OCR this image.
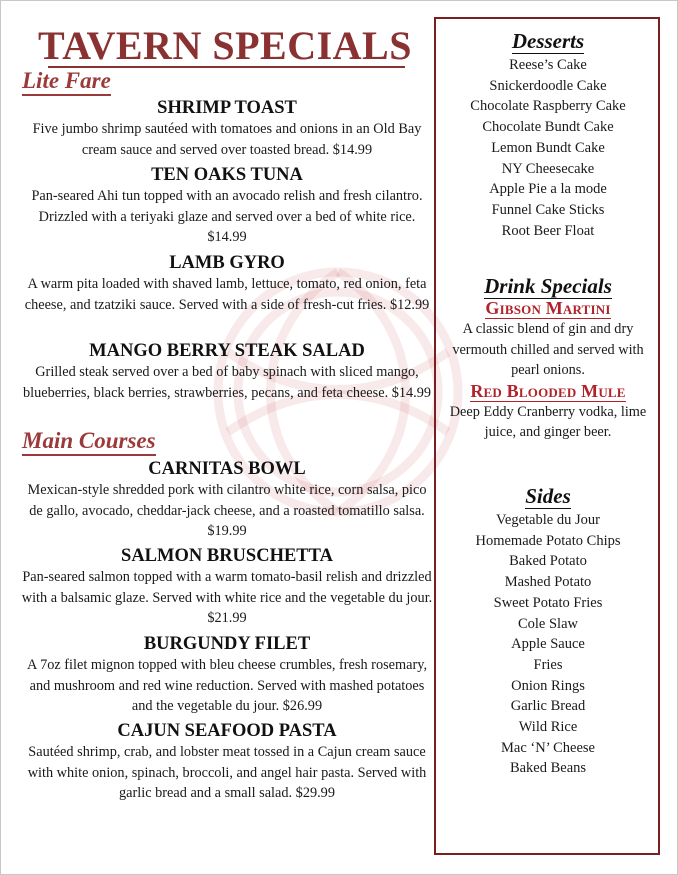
TAVERN SPECIALS
Lite Fare
SHRIMP TOAST

Five jumbo shrimp sautéed with tomatoes and onions in an Old Bay cream sauce and served over toasted bread. $14.99

TEN OAKS TUNA

Pan-seared Ahi tun topped with an avocado relish and fresh cilantro. Drizzled with a teriyaki glaze and served over a bed of white rice. $14.99

LAMB GYRO

A warm pita loaded with shaved lamb, lettuce, tomato, red onion, feta cheese, and tzatziki sauce. Served with a side of fresh-cut fries. $12.99

MANGO BERRY STEAK SALAD

Grilled steak served over a bed of baby spinach with sliced mango, blueberries, black berries, strawberries, pecans, and feta cheese. $14.99

Main Courses
CARNITAS BOWL

Mexican-style shredded pork with cilantro white rice, corn salsa, pico de gallo, avocado, cheddar-jack cheese, and a roasted tomatillo salsa. $19.99

SALMON BRUSCHETTA

Pan-seared salmon topped with a warm tomato-basil relish and drizzled with a balsamic glaze. Served with white rice and the vegetable du jour. $21.99

BURGUNDY FILET

A 7oz filet mignon topped with bleu cheese crumbles, fresh rosemary, and mushroom and red wine reduction. Served with mashed potatoes and the vegetable du jour. $26.99

CAJUN SEAFOOD PASTA

Sautéed shrimp, crab, and lobster meat tossed in a Cajun cream sauce with white onion, spinach, broccoli, and angel hair pasta. Served with garlic bread and a small salad. $29.99

Desserts
Reese’s Cake
Snickerdoodle Cake
Chocolate Raspberry Cake
Chocolate Bundt Cake
Lemon Bundt Cake
NY Cheesecake
Apple Pie a la mode
Funnel Cake Sticks
Root Beer Float
Drink Specials
Gibson Martini

A classic blend of gin and dry vermouth chilled and served with pearl onions.

Red Blooded Mule

Deep Eddy Cranberry vodka, lime juice, and ginger beer.

Sides
Vegetable du Jour
Homemade Potato Chips
Baked Potato
Mashed Potato
Sweet Potato Fries
Cole Slaw
Apple Sauce
Fries
Onion Rings
Garlic Bread
Wild Rice
Mac ‘N’ Cheese
Baked Beans
